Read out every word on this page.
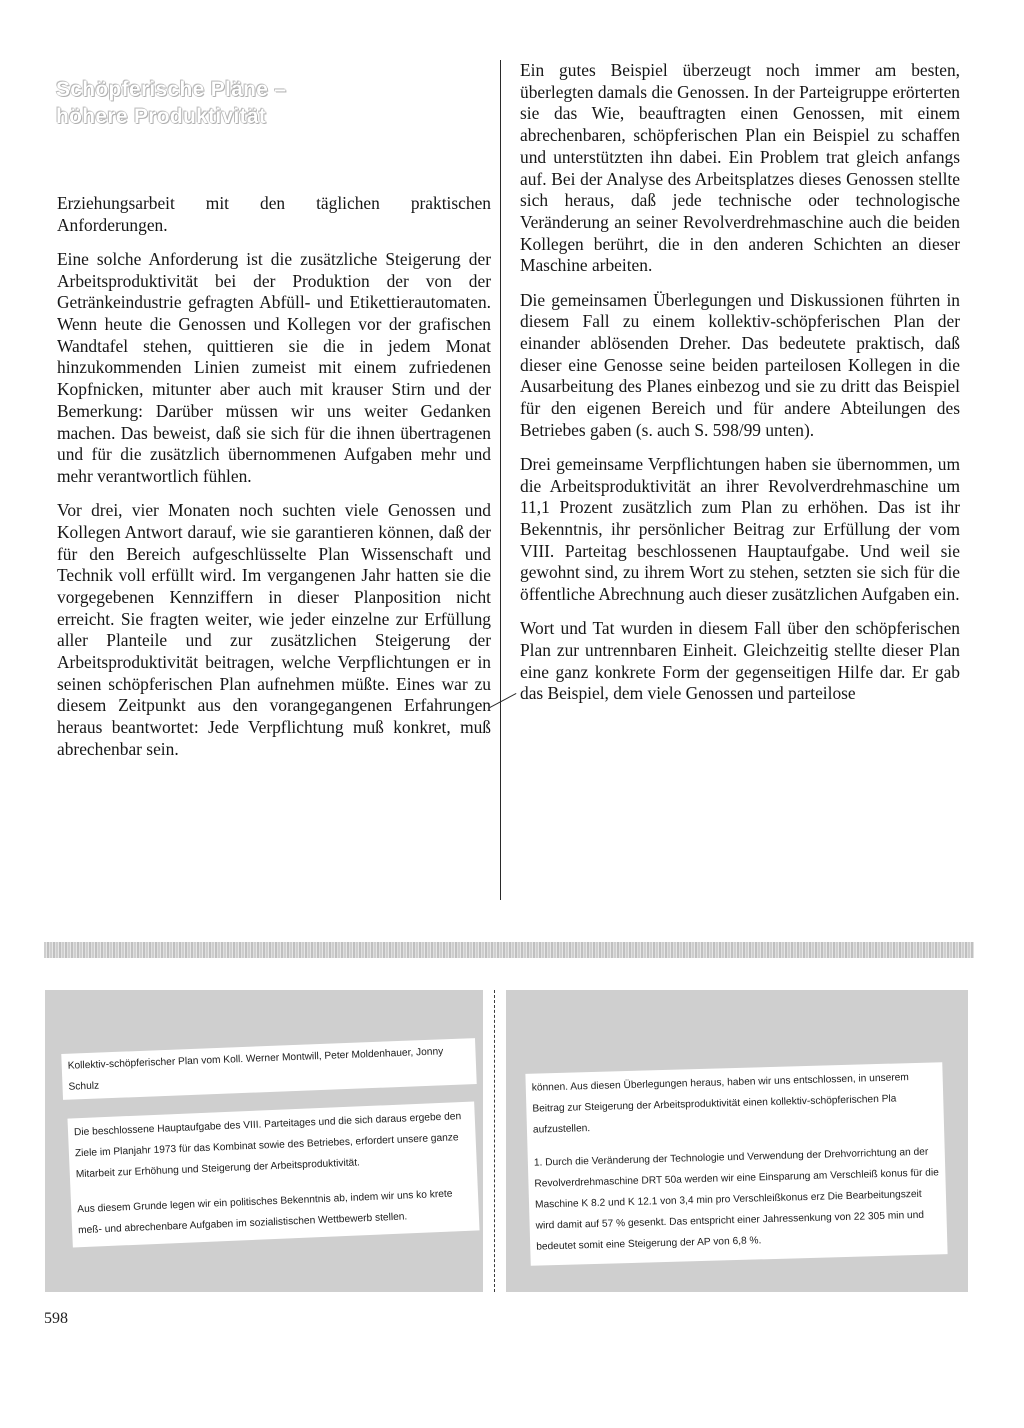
Schöpferische Pläne –
höhere Produktivität

Erziehungsarbeit mit den täglichen praktischen Anforderungen.

Eine solche Anforderung ist die zusätzliche Steigerung der Arbeitsproduktivität bei der Produktion der von der Getränkeindustrie gefragten Abfüll- und Etikettierautomaten. Wenn heute die Genossen und Kollegen vor der grafischen Wandtafel stehen, quittieren sie die in jedem Monat hinzukommenden Linien zumeist mit einem zufriedenen Kopfnicken, mitunter aber auch mit krauser Stirn und der Bemerkung: Darüber müssen wir uns weiter Gedanken machen. Das beweist, daß sie sich für die ihnen übertragenen und für die zusätzlich übernommenen Aufgaben mehr und mehr verantwortlich fühlen.

Vor drei, vier Monaten noch suchten viele Genossen und Kollegen Antwort darauf, wie sie garantieren können, daß der für den Bereich aufgeschlüsselte Plan Wissenschaft und Technik voll erfüllt wird. Im vergangenen Jahr hatten sie die vorgegebenen Kennziffern in dieser Planposition nicht erreicht. Sie fragten weiter, wie jeder einzelne zur Erfüllung aller Planteile und zur zusätzlichen Steigerung der Arbeitsproduktivität beitragen, welche Verpflichtungen er in seinen schöpferischen Plan aufnehmen müßte. Eines war zu diesem Zeitpunkt aus den vorangegangenen Erfahrungen heraus beantwortet: Jede Verpflichtung muß konkret, muß abrechenbar sein.

Ein gutes Beispiel überzeugt noch immer am besten, überlegten damals die Genossen. In der Parteigruppe erörterten sie das Wie, beauftragten einen Genossen, mit einem abrechenbaren, schöpferischen Plan ein Beispiel zu schaffen und unterstützten ihn dabei. Ein Problem trat gleich anfangs auf. Bei der Analyse des Arbeitsplatzes dieses Genossen stellte sich heraus, daß jede technische oder technologische Veränderung an seiner Revolverdrehmaschine auch die beiden Kollegen berührt, die in den anderen Schichten an dieser Maschine arbeiten.

Die gemeinsamen Überlegungen und Diskussionen führten in diesem Fall zu einem kollektiv-schöpferischen Plan der einander ablösenden Dreher. Das bedeutete praktisch, daß dieser eine Genosse seine beiden parteilosen Kollegen in die Ausarbeitung des Planes einbezog und sie zu dritt das Beispiel für den eigenen Bereich und für andere Abteilungen des Betriebes gaben (s. auch S. 598/99 unten).

Drei gemeinsame Verpflichtungen haben sie übernommen, um die Arbeitsproduktivität an ihrer Revolverdrehmaschine um 11,1 Prozent zusätzlich zum Plan zu erhöhen. Das ist ihr Bekenntnis, ihr persönlicher Beitrag zur Erfüllung der vom VIII. Parteitag beschlossenen Hauptaufgabe. Und weil sie gewohnt sind, zu ihrem Wort zu stehen, setzten sie sich für die öffentliche Abrechnung auch dieser zusätzlichen Aufgaben ein.

Wort und Tat wurden in diesem Fall über den schöpferischen Plan zur untrennbaren Einheit. Gleichzeitig stellte dieser Plan eine ganz konkrete Form der gegenseitigen Hilfe dar. Er gab das Beispiel, dem viele Genossen und parteilose

Kollektiv-schöpferischer Plan vom Koll. Werner Montwill, Peter Moldenhauer, Jonny Schulz

Die beschlossene Hauptaufgabe des VIII. Parteitages und die sich daraus ergebe den Ziele im Planjahr 1973 für das Kombinat sowie des Betriebes, erfordert unsere ganze Mitarbeit zur Erhöhung und Steigerung der Arbeitsproduktivität.

Aus diesem Grunde legen wir ein politisches Bekenntnis ab, indem wir uns ko krete meß- und abrechenbare Aufgaben im sozialistischen Wettbewerb stellen.

können. Aus diesen Überlegungen heraus, haben wir uns entschlossen, in unserem Beitrag zur Steigerung der Arbeitsproduktivität einen kollektiv-schöpferischen Pla aufzustellen.

1. Durch die Veränderung der Technologie und Verwendung der Drehvorrichtung an der Revolverdrehmaschine DRT 50a werden wir eine Einsparung am Verschleiß konus für die Maschine K 8.2 und K 12.1 von 3,4 min pro Verschleißkonus erz Die Bearbeitungszeit wird damit auf 57 % gesenkt. Das entspricht einer Jahressenkung von 22 305 min und bedeutet somit eine Steigerung der AP von 6,8 %.

598
